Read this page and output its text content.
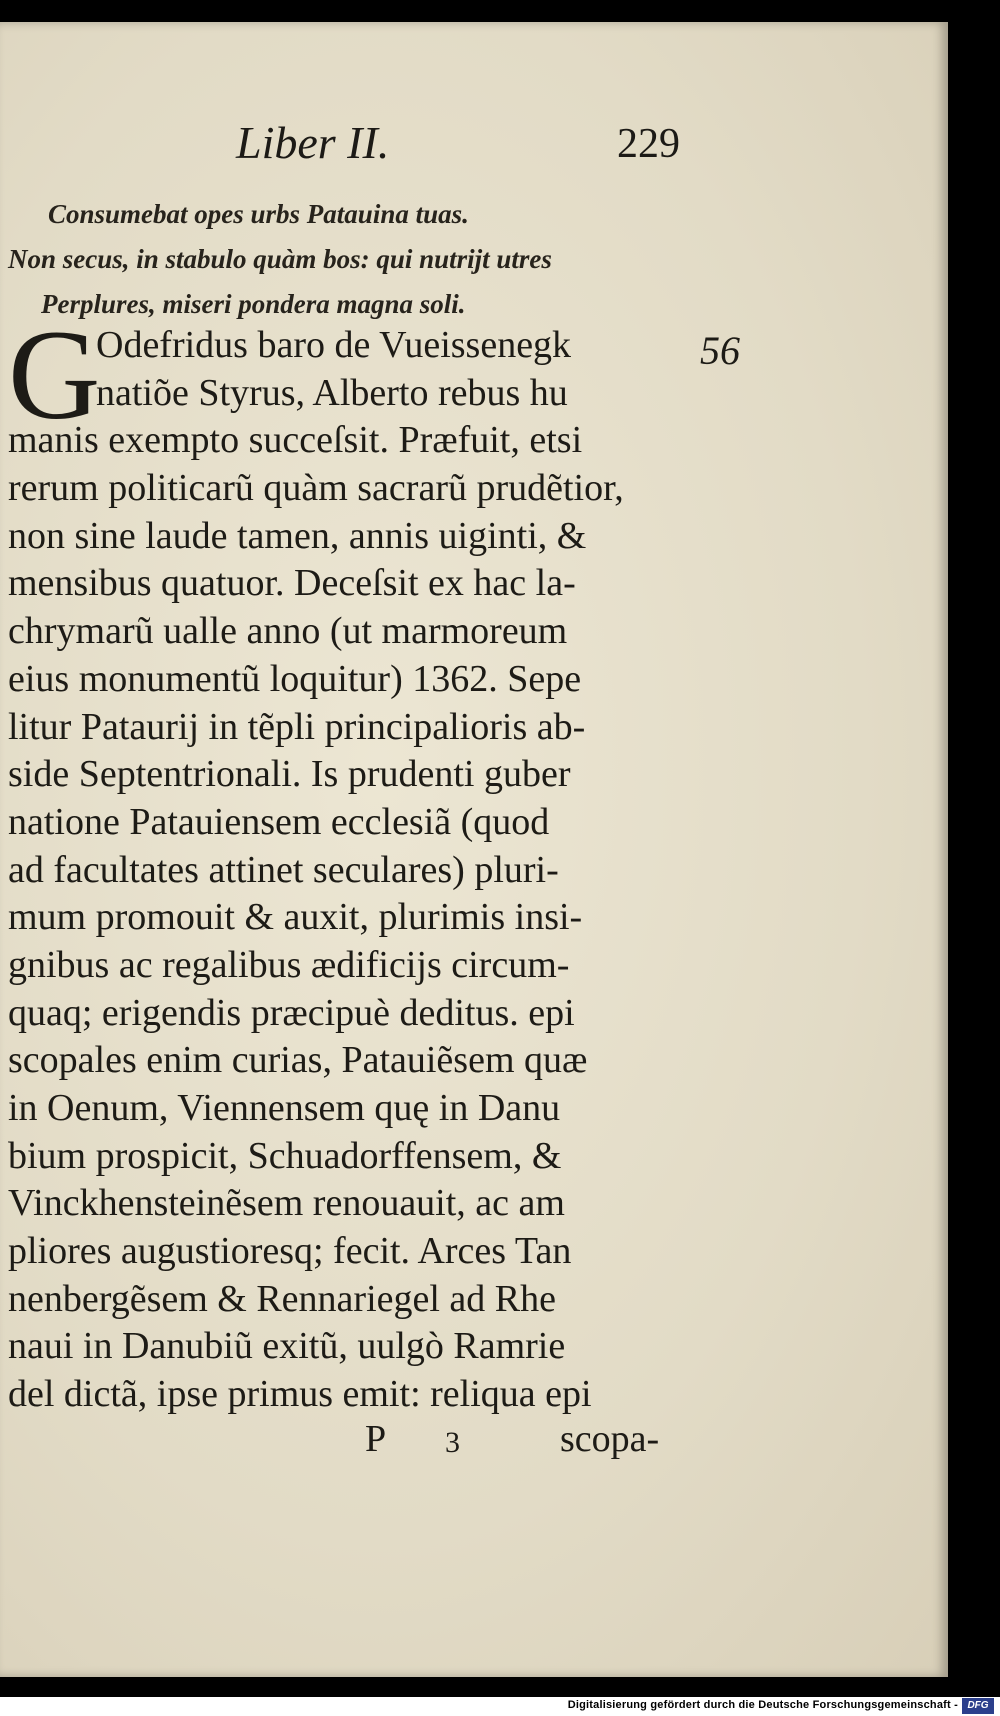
Liber II.	229
Consumebat opes urbs Patauina tuas.
Non secus, in stabulo quàm bos: qui nutrijt utres
Perplures, miseri pondera magna soli.
G	56
Odefridus baro de Vueissenegk
natiõe Styrus, Alberto rebus hu
manis exempto succeſsit. Præfuit, etsi
rerum politicarũ quàm sacrarũ prudẽtior,
non sine laude tamen, annis uiginti, &
mensibus quatuor. Deceſsit ex hac la-
chrymarũ ualle anno (ut marmoreum
eius monumentũ loquitur) 1362. Sepe
litur Pataurij in tẽpli principalioris ab-
side Septentrionali. Is prudenti guber
natione Patauiensem ecclesiã (quod
ad facultates attinet seculares) pluri-
mum promouit & auxit, plurimis insi-
gnibus ac regalibus ædificijs circum-
quaq; erigendis præcipuè deditus. epi
scopales enim curias, Patauiẽsem quæ
in Oenum, Viennensem quę in Danu
bium prospicit, Schuadorffensem, &
Vinckhensteinẽsem renouauit, ac am
pliores augustioresq; fecit. Arces Tan
nenbergẽsem & Rennariegel ad Rhe
naui in Danubiũ exitũ, uulgò Ramrie
del dictã, ipse primus emit: reliqua epi
P 3	scopa-
Digitalisierung gefördert durch die Deutsche Forschungsgemeinschaft - DFG
